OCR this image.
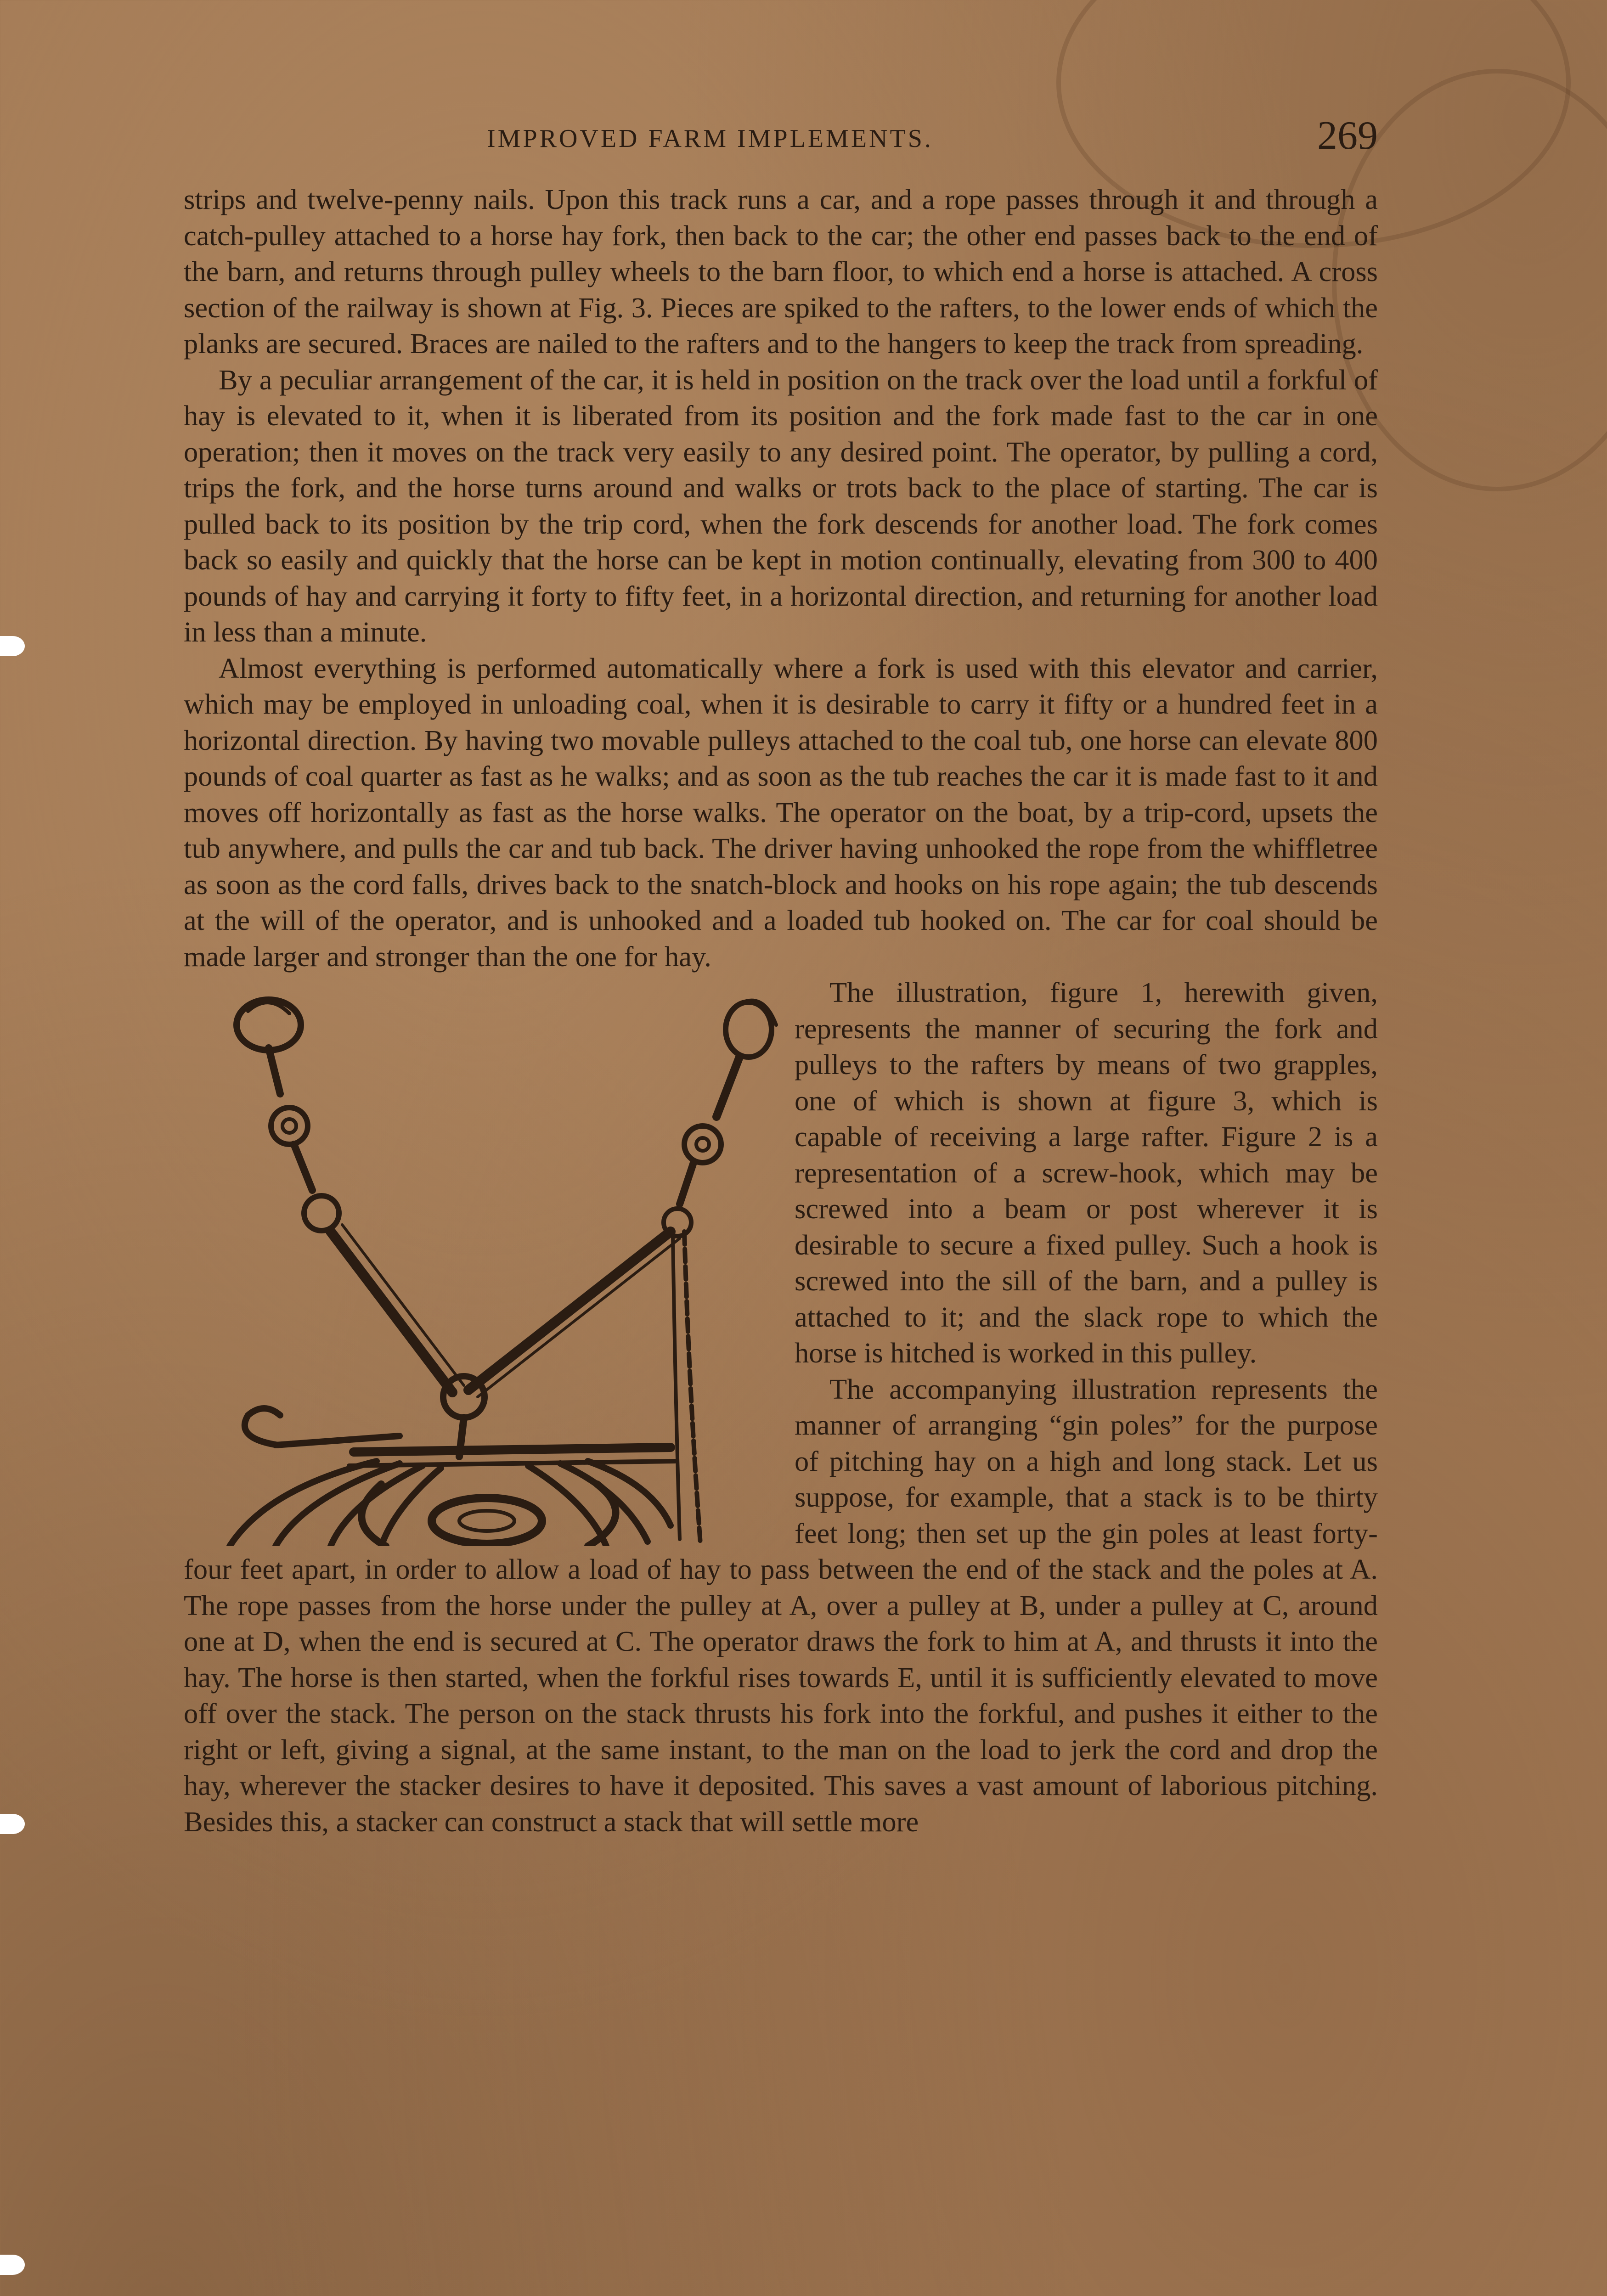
IMPROVED FARM IMPLEMENTS.	269

strips and twelve-penny nails. Upon this track runs a car, and a rope passes through it and through a catch-pulley attached to a horse hay fork, then back to the car; the other end passes back to the end of the barn, and returns through pulley wheels to the barn floor, to which end a horse is attached. A cross section of the railway is shown at Fig. 3. Pieces are spiked to the rafters, to the lower ends of which the planks are secured. Braces are nailed to the rafters and to the hangers to keep the track from spreading.

By a peculiar arrangement of the car, it is held in position on the track over the load until a forkful of hay is elevated to it, when it is liberated from its position and the fork made fast to the car in one operation; then it moves on the track very easily to any desired point. The operator, by pulling a cord, trips the fork, and the horse turns around and walks or trots back to the place of starting. The car is pulled back to its position by the trip cord, when the fork descends for another load. The fork comes back so easily and quickly that the horse can be kept in motion continually, elevating from 300 to 400 pounds of hay and carrying it forty to fifty feet, in a horizontal direction, and returning for another load in less than a minute.

Almost everything is performed automatically where a fork is used with this elevator and carrier, which may be employed in unloading coal, when it is desirable to carry it fifty or a hundred feet in a horizontal direction. By having two movable pulleys attached to the coal tub, one horse can elevate 800 pounds of coal quarter as fast as he walks; and as soon as the tub reaches the car it is made fast to it and moves off horizontally as fast as the horse walks. The operator on the boat, by a trip-cord, upsets the tub anywhere, and pulls the car and tub back. The driver having unhooked the rope from the whiffletree as soon as the cord falls, drives back to the snatch-block and hooks on his rope again; the tub descends at the will of the operator, and is unhooked and a loaded tub hooked on. The car for coal should be made larger and stronger than the one for hay.

The illustration, figure 1, herewith given, represents the manner of securing the fork and pulleys to the rafters by means of two grapples, one of which is shown at figure 3, which is capable of receiving a large rafter. Figure 2 is a representation of a screw-hook, which may be screwed into a beam or post wherever it is desirable to secure a fixed pulley. Such a hook is screwed into the sill of the barn, and a pulley is attached to it; and the slack rope to which the horse is hitched is worked in this pulley.

The accompanying illustration represents the manner of arranging “gin poles” for the purpose of pitching hay on a high and long stack. Let us suppose, for example, that a stack is to be thirty feet long; then set up the gin poles at least forty-four feet apart, in order to allow a load of hay to pass between the end of the stack and the poles at A. The rope passes from the horse under the pulley at A, over a pulley at B, under a pulley at C, around one at D, when the end is secured at C. The operator draws the fork to him at A, and thrusts it into the hay. The horse is then started, when the forkful rises towards E, until it is sufficiently elevated to move off over the stack. The person on the stack thrusts his fork into the forkful, and pushes it either to the right or left, giving a signal, at the same instant, to the man on the load to jerk the cord and drop the hay, wherever the stacker desires to have it deposited. This saves a vast amount of laborious pitching. Besides this, a stacker can construct a stack that will settle more
